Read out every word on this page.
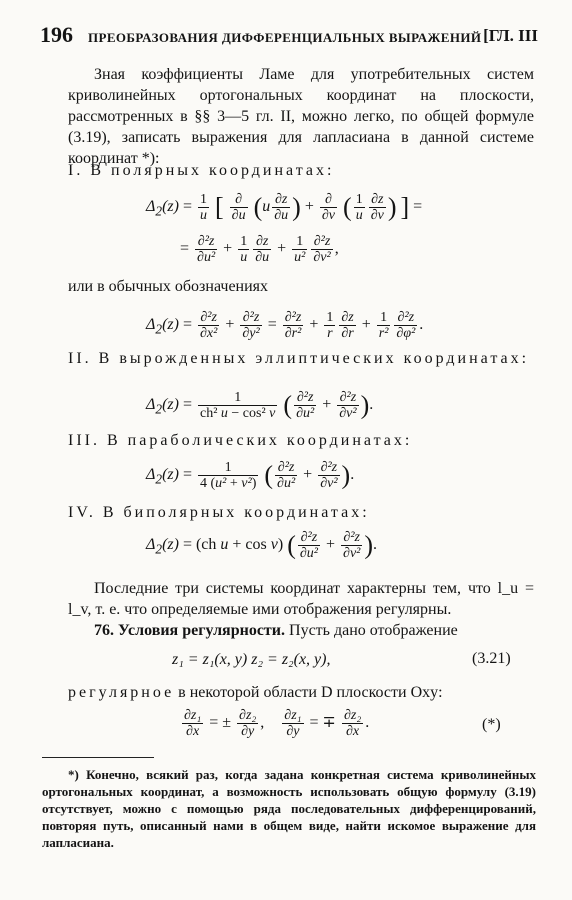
196 ПРЕОБРАЗОВАНИЯ ДИФФЕРЕНЦИАЛЬНЫХ ВЫРАЖЕНИЙ [ГЛ. III
Зная коэффициенты Ламе для употребительных систем криволинейных ортогональных координат на плоскости, рассмотренных в §§ 3—5 гл. II, можно легко, по общей формуле (3.19), записать выражения для лапласиана в данной системе координат *):
I. В полярных координатах:
$\Delta_2(z) = \frac{1}{u}$ [ $\frac{\partial}{\partial u} (u \frac{\partial z}{\partial u}$ ) + $\frac{\partial}{\partial v}$ ( $\frac{1}{u} \frac{\partial z}{\partial v}$ ) ] =
= $\frac{\text{∂²z}}{\text{∂u²}} + \frac{1}{u} \frac{\partial z}{\partial u} + \frac{1}{\text{u²}} \frac{\text{∂²z}}{\text{∂v²}}$ ,
или в обычных обозначениях
$\Delta_2(z) = \frac{\text{∂²z}}{\text{∂x²}} + \frac{\text{∂²z}}{\text{∂y²}} = \frac{\text{∂²z}}{\text{∂r²}} + \frac{1}{r} \frac{\partial z}{\partial r} + \frac{1}{\text{r²}} \frac{\text{∂²z}}{\text{∂φ²}}$ .
II. В вырожденных эллиптических координатах:
$\Delta_2(z) = \frac{1}{\text{ch² u − cos² v}}$ ( $\frac{\text{∂²z}}{\text{∂u²}} + \frac{\text{∂²z}}{\text{∂v²}}$ ).
III. В параболических координатах:
$\Delta_2(z) = \frac{1}{\text{4 (u² + v²)}}$ ( $\frac{\text{∂²z}}{\text{∂u²}} + \frac{\text{∂²z}}{\text{∂v²}}$ ).
IV. В биполярных координатах:
$\Delta_2(z) = (ch$ u + cos v) ( $\frac{\text{∂²z}}{\text{∂u²}} + \frac{\text{∂²z}}{\text{∂v²}}$ ).
Последние три системы координат характерны тем, что l_u = l_v, т. е. что определяемые ими отображения регулярны.
76. Условия регулярности. Пусть дано отображение
z₁ = z₁(x, y) z₂ = z₂(x, y),	(3.21)
регулярное в некоторой области D плоскости Oxy:
$\frac{\text{∂z₁}}{\partial x}$ = ± $\frac{\text{∂z₂}}{\partial y}$ , $\frac{\text{∂z₁}}{\partial y}$ = ∓ $\frac{\text{∂z₂}}{\partial x}$ .	(*)
*) Конечно, всякий раз, когда задана конкретная система криволинейных ортогональных координат, а возможность использовать общую формулу (3.19) отсутствует, можно с помощью ряда последовательных дифференцирований, повторяя путь, описанный нами в общем виде, найти искомое выражение для лапласиана.
